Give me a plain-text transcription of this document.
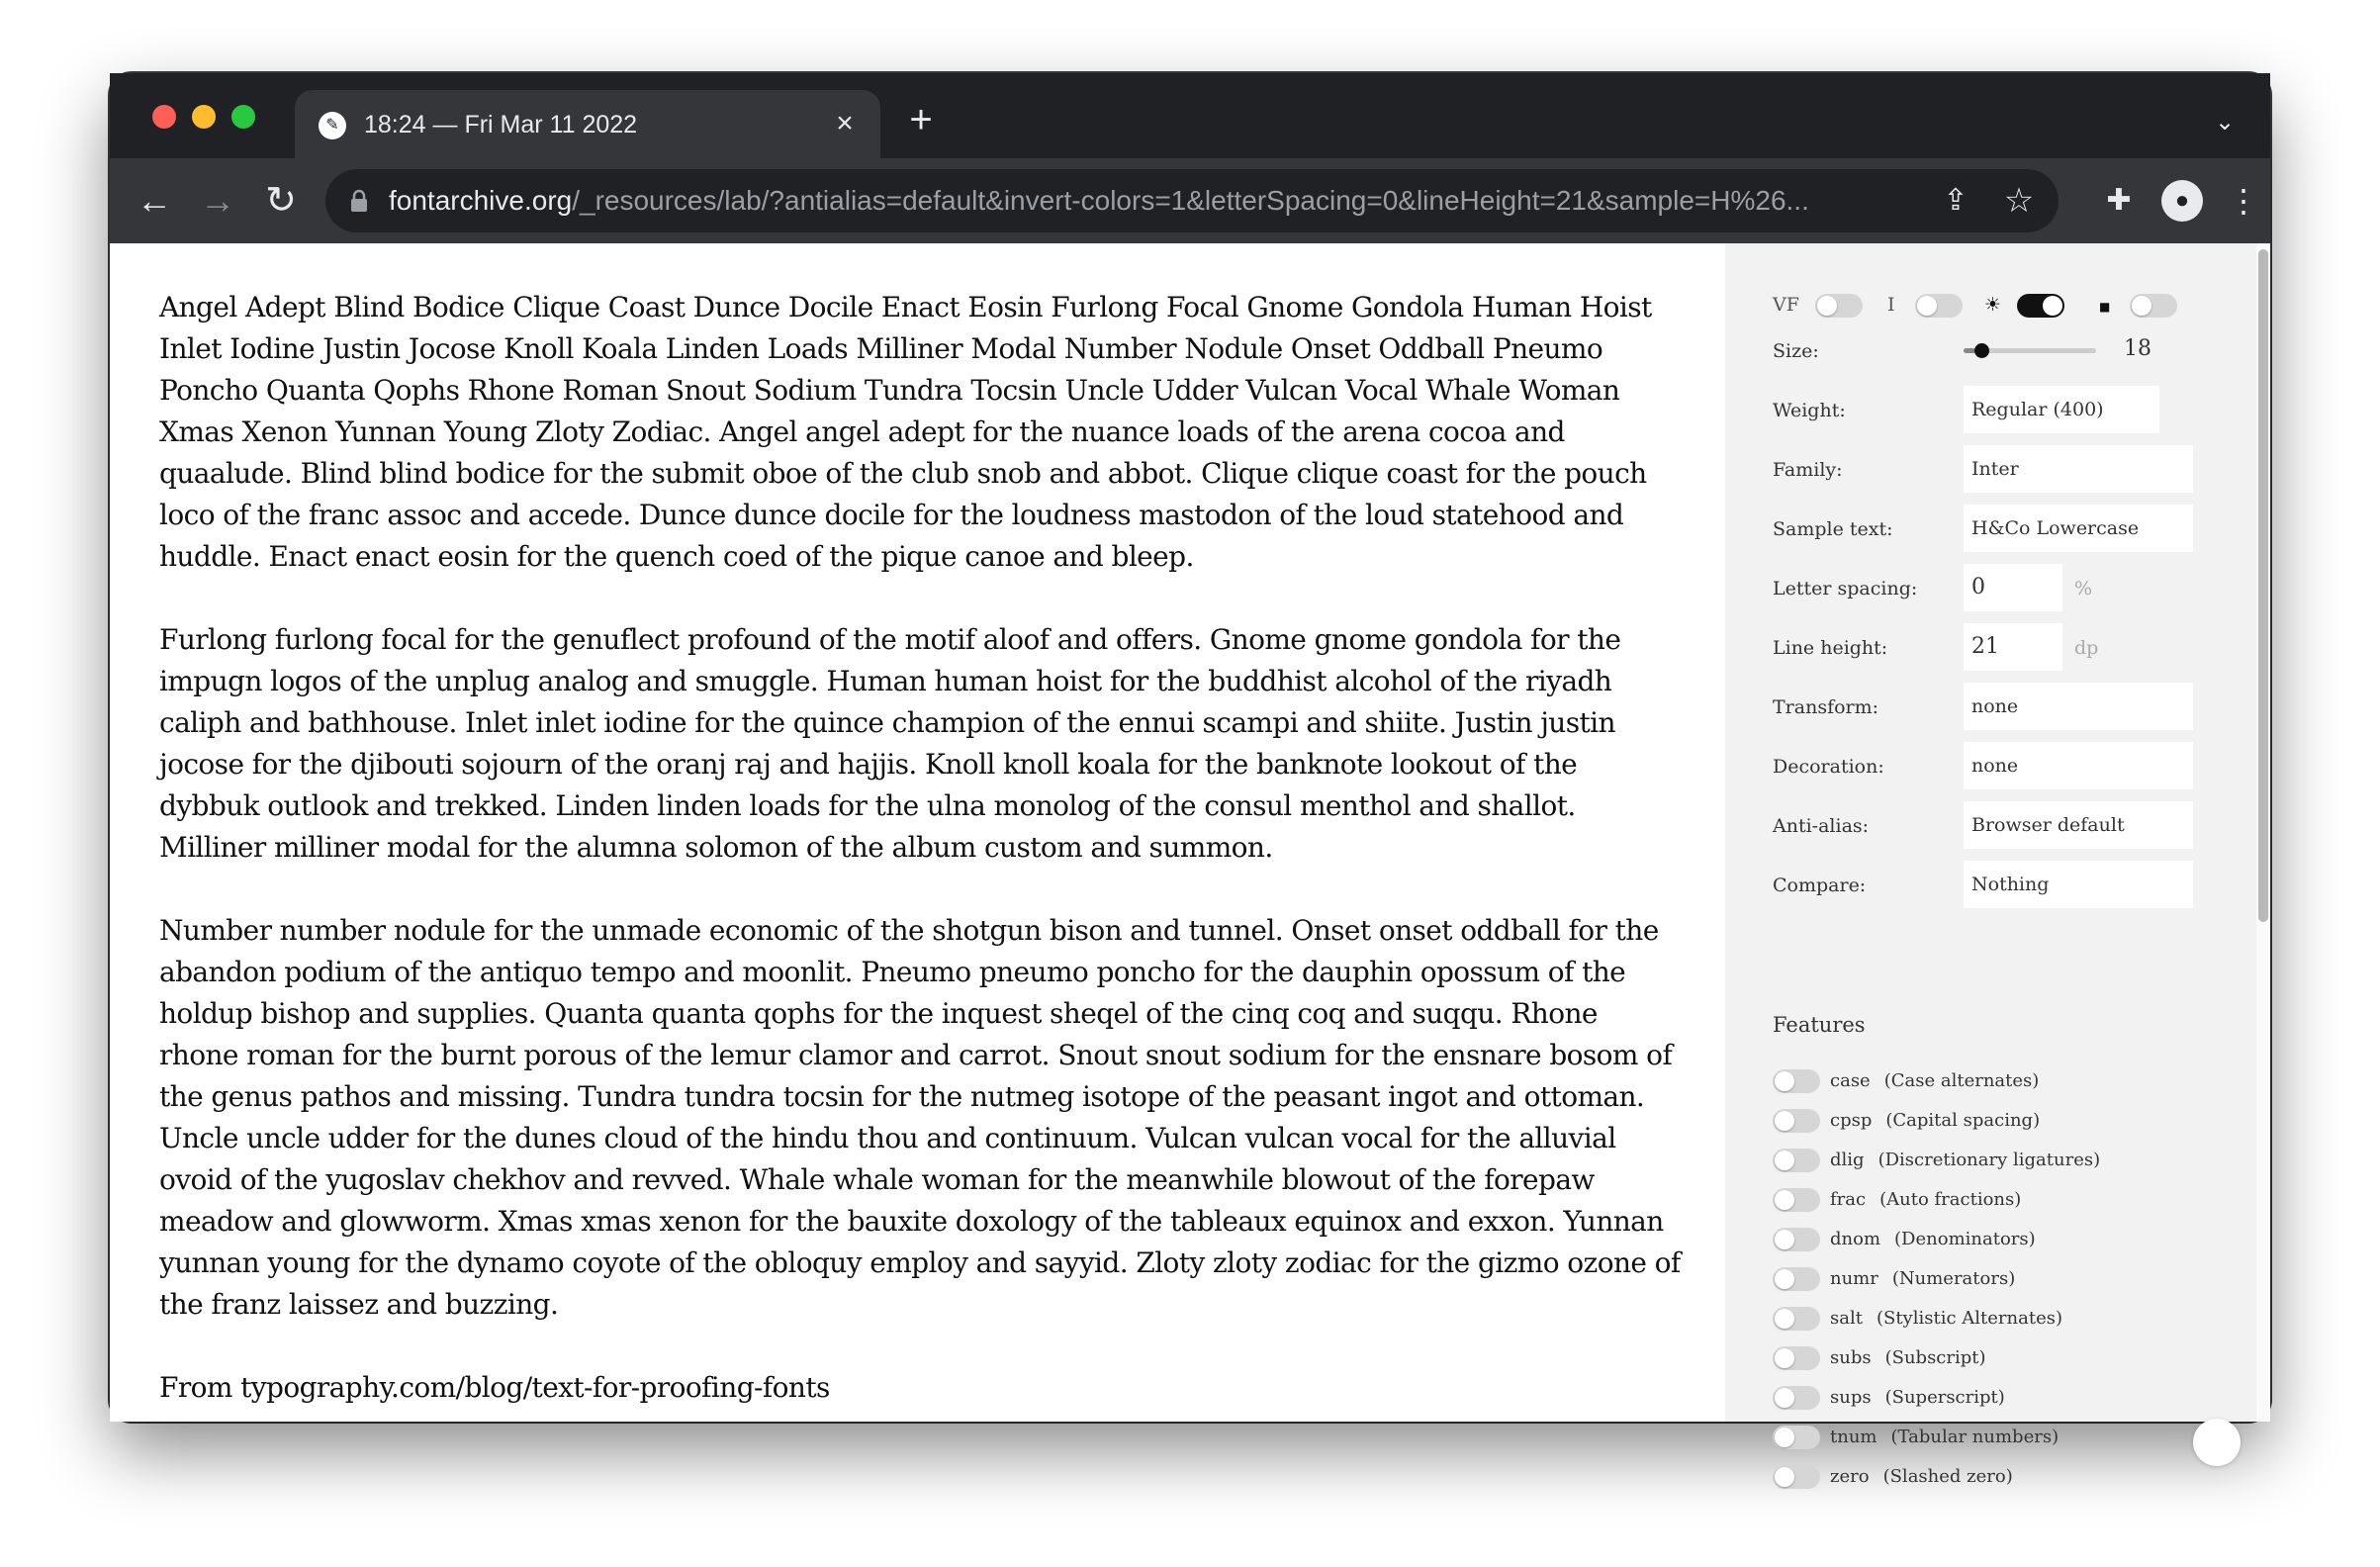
✎ 18:24 — Fri Mar 11 2022	× +	⌄
← → ↻	fontarchive.org/_resources/lab/?antialias=default&invert-colors=1&letterSpacing=0&lineHeight=21&sample=H%26...	⇪ ☆ ✚	●	⋮

Angel Adept Blind Bodice Clique Coast Dunce Docile Enact Eosin Furlong Focal Gnome Gondola Human Hoist Inlet Iodine Justin Jocose Knoll Koala Linden Loads Milliner Modal Number Nodule Onset Oddball Pneumo Poncho Quanta Qophs Rhone Roman Snout Sodium Tundra Tocsin Uncle Udder Vulcan Vocal Whale Woman Xmas Xenon Yunnan Young Zloty Zodiac. Angel angel adept for the nuance loads of the arena cocoa and quaalude. Blind blind bodice for the submit oboe of the club snob and abbot. Clique clique coast for the pouch loco of the franc assoc and accede. Dunce dunce docile for the loudness mastodon of the loud statehood and huddle. Enact enact eosin for the quench coed of the pique canoe and bleep.

Furlong furlong focal for the genuflect profound of the motif aloof and offers. Gnome gnome gondola for the impugn logos of the unplug analog and smuggle. Human human hoist for the buddhist alcohol of the riyadh caliph and bathhouse. Inlet inlet iodine for the quince champion of the ennui scampi and shiite. Justin justin jocose for the djibouti sojourn of the oranj raj and hajjis. Knoll knoll koala for the banknote lookout of the dybbuk outlook and trekked. Linden linden loads for the ulna monolog of the consul menthol and shallot. Milliner milliner modal for the alumna solomon of the album custom and summon.

Number number nodule for the unmade economic of the shotgun bison and tunnel. Onset onset oddball for the abandon podium of the antiquo tempo and moonlit. Pneumo pneumo poncho for the dauphin opossum of the holdup bishop and supplies. Quanta quanta qophs for the inquest sheqel of the cinq coq and suqqu. Rhone rhone roman for the burnt porous of the lemur clamor and carrot. Snout snout sodium for the ensnare bosom of the genus pathos and missing. Tundra tundra tocsin for the nutmeg isotope of the peasant ingot and ottoman. Uncle uncle udder for the dunes cloud of the hindu thou and continuum. Vulcan vulcan vocal for the alluvial ovoid of the yugoslav chekhov and revved. Whale whale woman for the meanwhile blowout of the forepaw meadow and glowworm. Xmas xmas xenon for the bauxite doxology of the tableaux equinox and exxon. Yunnan yunnan young for the dynamo coyote of the obloquy employ and sayyid. Zloty zloty zodiac for the gizmo ozone of the franz laissez and buzzing.

From typography.com/blog/text-for-proofing-fonts

VF	I	☀	■
Size:	18
Weight:	Regular (400)
Family:	Inter
Sample text:	H&Co Lowercase
Letter spacing:	0	%
Line height:	21	dp
Transform:	none
Decoration:	none
Anti-alias:	Browser default
Compare:	Nothing
Features
case (Case alternates)
cpsp (Capital spacing)
dlig (Discretionary ligatures)
frac (Auto fractions)
dnom (Denominators)
numr (Numerators)
salt (Stylistic Alternates)
subs (Subscript)
sups (Superscript)
tnum (Tabular numbers)
zero (Slashed zero)
